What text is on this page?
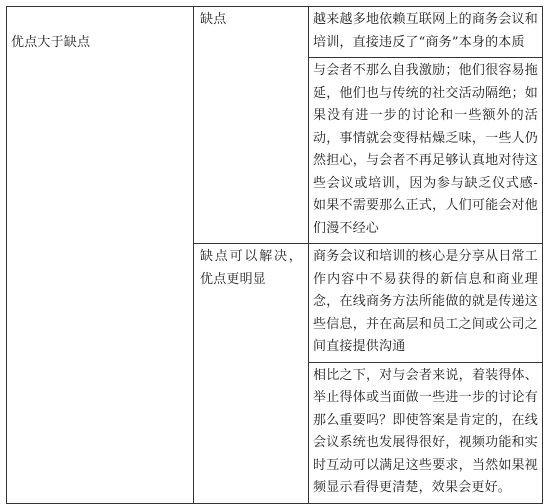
优点大于缺点	缺点	越来越多地依赖互联网上的商务会议和培训，直接违反了“商务”本身的本质

		与会者不那么自我激励；他们很容易拖延，他们也与传统的社交活动隔绝；如果没有进一步的讨论和一些额外的活动，事情就会变得枯燥乏味，一些人仍然担心，与会者不再足够认真地对待这些会议或培训，因为参与缺乏仪式感-如果不需要那么正式，人们可能会对他们漫不经心

	缺点可以解决，优点更明显	商务会议和培训的核心是分享从日常工作内容中不易获得的新信息和商业理念，在线商务方法所能做的就是传递这些信息，并在高层和员工之间或公司之间直接提供沟通

		相比之下，对与会者来说，着装得体、举止得体或当面做一些进一步的讨论有那么重要吗？即使答案是肯定的，在线会议系统也发展得很好，视频功能和实时互动可以满足这些要求，当然如果视频显示看得更清楚，效果会更好。
